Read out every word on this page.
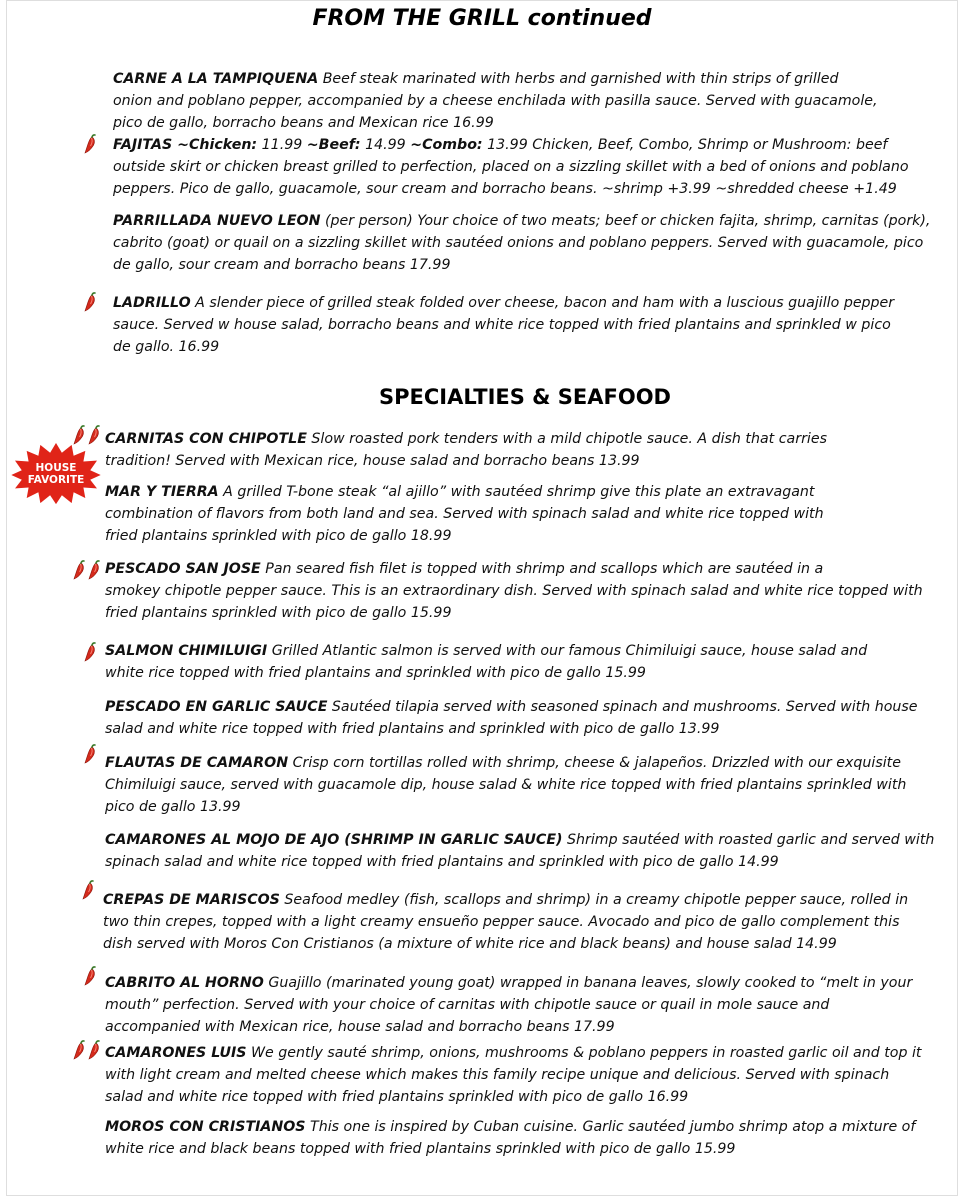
FROM THE GRILL continued
SPECIALTIES & SEAFOOD
CARNE A LA TAMPIQUENA Beef steak marinated with herbs and garnished with thin strips of grilled
onion and poblano pepper, accompanied by a cheese enchilada with pasilla sauce. Served with guacamole,
pico de gallo, borracho beans and Mexican rice 16.99
FAJITAS ~Chicken: 11.99 ~Beef: 14.99 ~Combo: 13.99 Chicken, Beef, Combo, Shrimp or Mushroom: beef
outside skirt or chicken breast grilled to perfection, placed on a sizzling skillet with a bed of onions and poblano
peppers. Pico de gallo, guacamole, sour cream and borracho beans. ~shrimp +3.99 ~shredded cheese +1.49
PARRILLADA NUEVO LEON (per person) Your choice of two meats; beef or chicken fajita, shrimp, carnitas (pork),
cabrito (goat) or quail on a sizzling skillet with sautéed onions and poblano peppers. Served with guacamole, pico
de gallo, sour cream and borracho beans 17.99
LADRILLO A slender piece of grilled steak folded over cheese, bacon and ham with a luscious guajillo pepper
sauce. Served w house salad, borracho beans and white rice topped with fried plantains and sprinkled w pico
de gallo. 16.99
CARNITAS CON CHIPOTLE Slow roasted pork tenders with a mild chipotle sauce. A dish that carries
tradition! Served with Mexican rice, house salad and borracho beans 13.99
MAR Y TIERRA A grilled T-bone steak “al ajillo” with sautéed shrimp give this plate an extravagant
combination of flavors from both land and sea. Served with spinach salad and white rice topped with
fried plantains sprinkled with pico de gallo 18.99
PESCADO SAN JOSE Pan seared fish filet is topped with shrimp and scallops which are sautéed in a
smokey chipotle pepper sauce. This is an extraordinary dish. Served with spinach salad and white rice topped with
fried plantains sprinkled with pico de gallo 15.99
SALMON CHIMILUIGI Grilled Atlantic salmon is served with our famous Chimiluigi sauce, house salad and
white rice topped with fried plantains and sprinkled with pico de gallo 15.99
PESCADO EN GARLIC SAUCE Sautéed tilapia served with seasoned spinach and mushrooms. Served with house
salad and white rice topped with fried plantains and sprinkled with pico de gallo 13.99
FLAUTAS DE CAMARON Crisp corn tortillas rolled with shrimp, cheese & jalapeños. Drizzled with our exquisite
Chimiluigi sauce, served with guacamole dip, house salad & white rice topped with fried plantains sprinkled with
pico de gallo 13.99
CAMARONES AL MOJO DE AJO (SHRIMP IN GARLIC SAUCE) Shrimp sautéed with roasted garlic and served with
spinach salad and white rice topped with fried plantains and sprinkled with pico de gallo 14.99
CREPAS DE MARISCOS Seafood medley (fish, scallops and shrimp) in a creamy chipotle pepper sauce, rolled in
two thin crepes, topped with a light creamy ensueño pepper sauce. Avocado and pico de gallo complement this
dish served with Moros Con Cristianos (a mixture of white rice and black beans) and house salad 14.99
CABRITO AL HORNO Guajillo (marinated young goat) wrapped in banana leaves, slowly cooked to “melt in your
mouth” perfection. Served with your choice of carnitas with chipotle sauce or quail in mole sauce and
accompanied with Mexican rice, house salad and borracho beans 17.99
CAMARONES LUIS We gently sauté shrimp, onions, mushrooms & poblano peppers in roasted garlic oil and top it
with light cream and melted cheese which makes this family recipe unique and delicious. Served with spinach
salad and white rice topped with fried plantains sprinkled with pico de gallo 16.99
MOROS CON CRISTIANOS This one is inspired by Cuban cuisine. Garlic sautéed jumbo shrimp atop a mixture of
white rice and black beans topped with fried plantains sprinkled with pico de gallo 15.99
HOUSE
FAVORITE
